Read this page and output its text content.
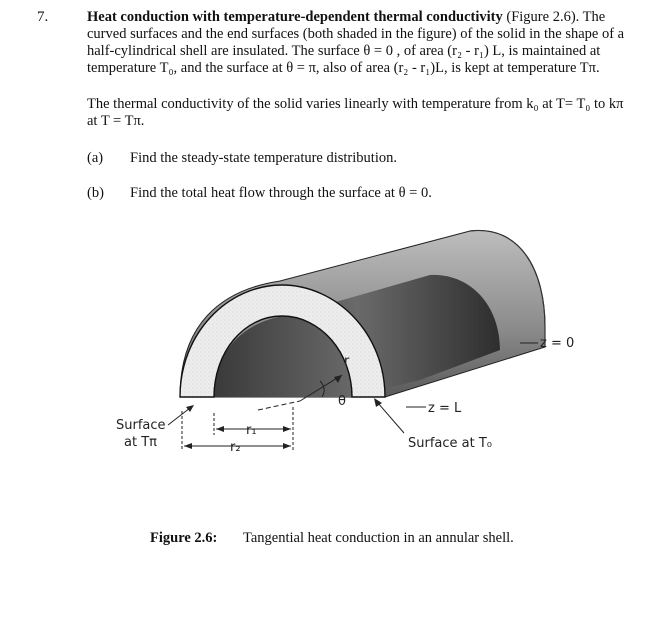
7.	Heat conduction with temperature-dependent thermal conductivity (Figure 2.6). The curved surfaces and the end surfaces (both shaded in the figure) of the solid in the shape of a half-cylindrical shell are insulated. The surface θ = 0 , of area (r₂ - r₁) L, is maintained at temperature T₀, and the surface at θ = π, also of area (r₂ - r₁)L, is kept at temperature Tπ.
The thermal conductivity of the solid varies linearly with temperature from k₀ at T= T₀ to kπ at T = Tπ.
(a) Find the steady-state temperature distribution.
(b) Find the total heat flow through the surface at θ = 0.
r
θ
z = 0
z = L
Surface at T₀
Surface
at Tπ
r₁
r₂
Figure 2.6: Tangential heat conduction in an annular shell.
